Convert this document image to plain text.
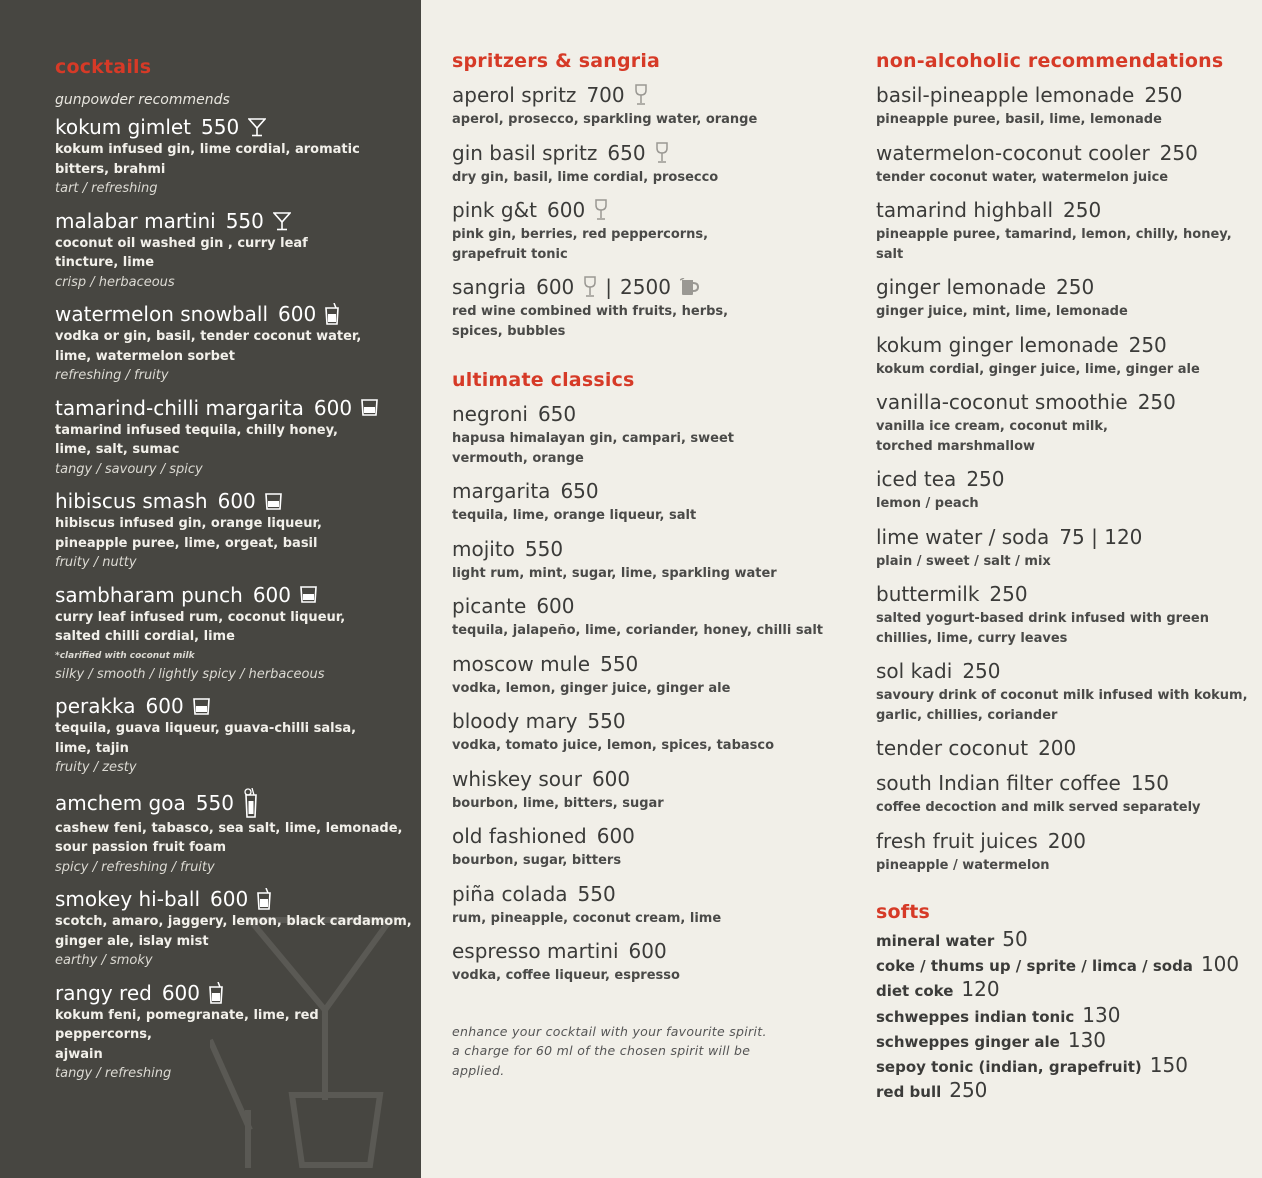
cocktails
gunpowder recommends
kokum gimlet 550
kokum infused gin, lime cordial, aromatic
bitters, brahmi
tart / refreshing
malabar martini 550
coconut oil washed gin , curry leaf
tincture, lime
crisp / herbaceous
watermelon snowball 600
vodka or gin, basil, tender coconut water,
lime, watermelon sorbet
refreshing / fruity
tamarind-chilli margarita 600
tamarind infused tequila, chilly honey,
lime, salt, sumac
tangy / savoury / spicy
hibiscus smash 600
hibiscus infused gin, orange liqueur,
pineapple puree, lime, orgeat, basil
fruity / nutty
sambharam punch 600
curry leaf infused rum, coconut liqueur,
salted chilli cordial, lime
*clarified with coconut milk
silky / smooth / lightly spicy / herbaceous
perakka 600
tequila, guava liqueur, guava-chilli salsa,
lime, tajin
fruity / zesty
amchem goa 550
cashew feni, tabasco, sea salt, lime, lemonade,
sour passion fruit foam
spicy / refreshing / fruity
smokey hi-ball 600
scotch, amaro, jaggery, lemon, black cardamom,
ginger ale, islay mist
earthy / smoky
rangy red 600
kokum feni, pomegranate, lime, red peppercorns,
ajwain
tangy / refreshing
spritzers & sangria
aperol spritz 700
aperol, prosecco, sparkling water, orange
gin basil spritz 650
dry gin, basil, lime cordial, prosecco
pink g&t 600
pink gin, berries, red peppercorns,
grapefruit tonic
sangria 600 | 2500
red wine combined with fruits, herbs,
spices, bubbles
ultimate classics
negroni 650
hapusa himalayan gin, campari, sweet
vermouth, orange
margarita 650
tequila, lime, orange liqueur, salt
mojito 550
light rum, mint, sugar, lime, sparkling water
picante 600
tequila, jalapeño, lime, coriander, honey, chilli salt
moscow mule 550
vodka, lemon, ginger juice, ginger ale
bloody mary 550
vodka, tomato juice, lemon, spices, tabasco
whiskey sour 600
bourbon, lime, bitters, sugar
old fashioned 600
bourbon, sugar, bitters
piña colada 550
rum, pineapple, coconut cream, lime
espresso martini 600
vodka, coffee liqueur, espresso
enhance your cocktail with your favourite spirit.
a charge for 60 ml of the chosen spirit will be
applied.
non-alcoholic recommendations
basil-pineapple lemonade 250
pineapple puree, basil, lime, lemonade
watermelon-coconut cooler 250
tender coconut water, watermelon juice
tamarind highball 250
pineapple puree, tamarind, lemon, chilly, honey, salt
ginger lemonade 250
ginger juice, mint, lime, lemonade
kokum ginger lemonade 250
kokum cordial, ginger juice, lime, ginger ale
vanilla-coconut smoothie 250
vanilla ice cream, coconut milk,
torched marshmallow
iced tea 250
lemon / peach
lime water / soda 75 | 120
plain / sweet / salt / mix
buttermilk 250
salted yogurt-based drink infused with green
chillies, lime, curry leaves
sol kadi 250
savoury drink of coconut milk infused with kokum,
garlic, chillies, coriander
tender coconut 200
south Indian filter coffee 150
coffee decoction and milk served separately
fresh fruit juices 200
pineapple / watermelon
softs
mineral water 50
coke / thums up / sprite / limca / soda 100
diet coke 120
schweppes indian tonic 130
schweppes ginger ale 130
sepoy tonic (indian, grapefruit) 150
red bull 250
